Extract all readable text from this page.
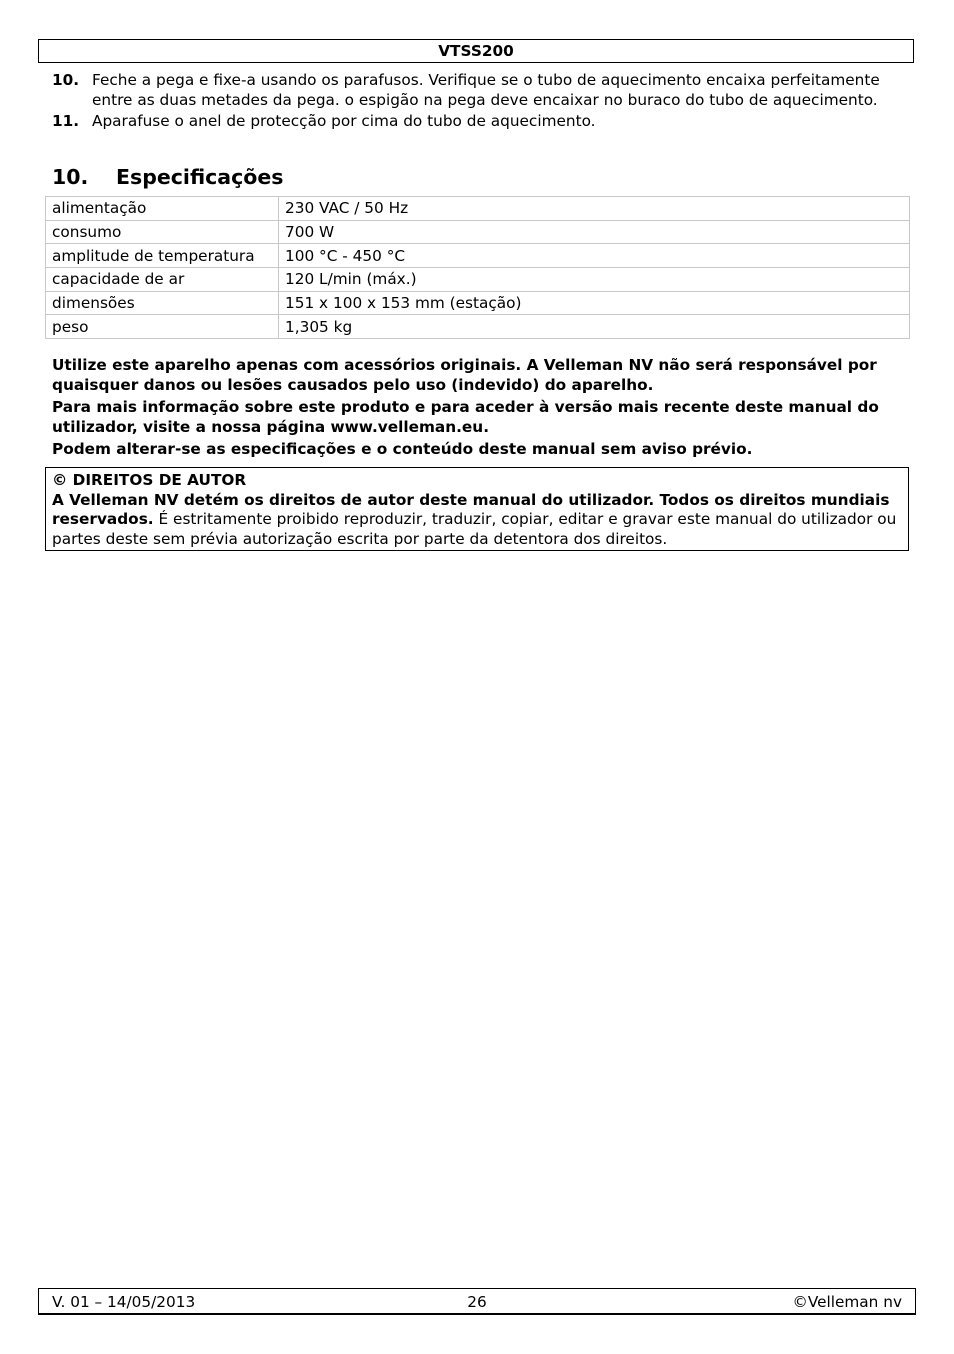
VTSS200
10. Feche a pega e fixe-a usando os parafusos. Verifique se o tubo de aquecimento encaixa perfeitamente entre as duas metades da pega. o espigão na pega deve encaixar no buraco do tubo de aquecimento.
11. Aparafuse o anel de protecção por cima do tubo de aquecimento.
10.	Especificações
alimentação	230 VAC / 50 Hz
consumo	700 W
amplitude de temperatura	100 °C - 450 °C
capacidade de ar	120 L/min (máx.)
dimensões	151 x 100 x 153 mm (estação)
peso	1,305 kg

Utilize este aparelho apenas com acessórios originais. A Velleman NV não será responsável por quaisquer danos ou lesões causados pelo uso (indevido) do aparelho.

Para mais informação sobre este produto e para aceder à versão mais recente deste manual do utilizador, visite a nossa página www.velleman.eu.

Podem alterar-se as especificações e o conteúdo deste manual sem aviso prévio.

© DIREITOS DE AUTOR
A Velleman NV detém os direitos de autor deste manual do utilizador. Todos os direitos mundiais reservados. É estritamente proibido reproduzir, traduzir, copiar, editar e gravar este manual do utilizador ou partes deste sem prévia autorização escrita por parte da detentora dos direitos.
V. 01 – 14/05/2013	26	©Velleman nv
